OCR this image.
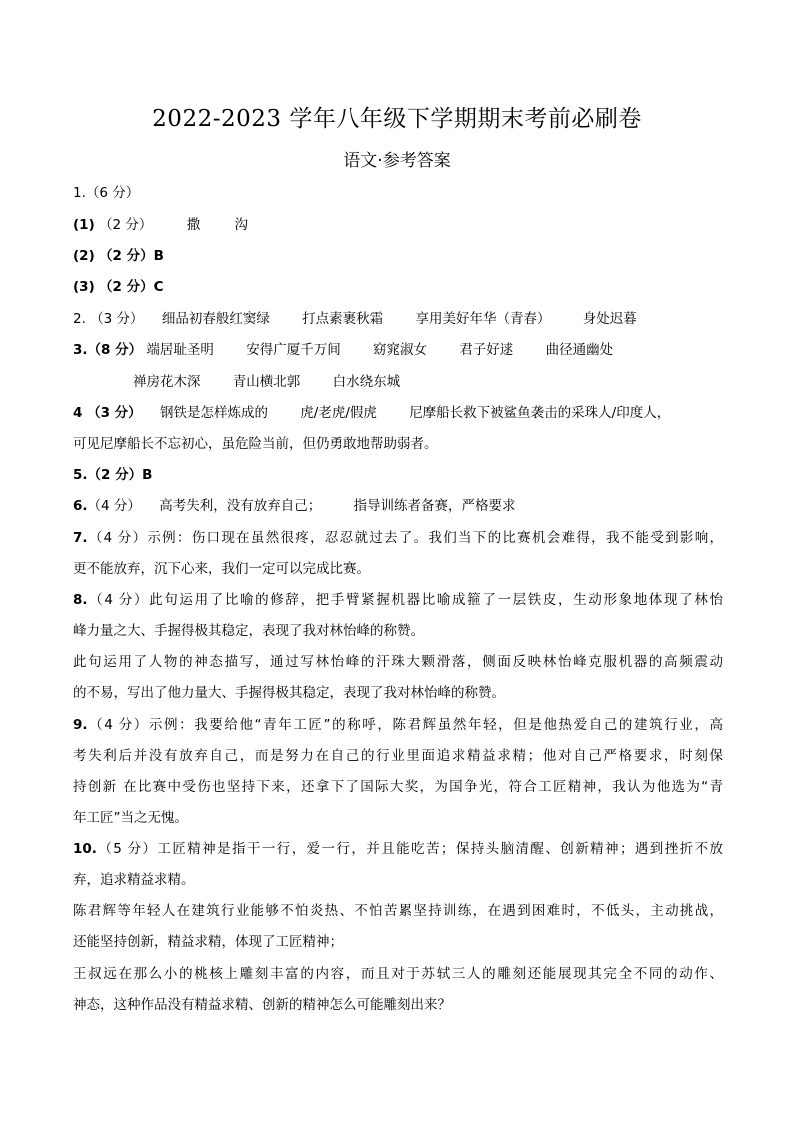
2022-2023 学年八年级下学期期末考前必刷卷
语文·参考答案
1.（6 分）
(1) （2 分）	撒	沟
(2) （2 分）B
(3) （2 分）C
2. （3 分） 细品初春般红窦绿 打点素裹秋霜 享用美好年华（青春） 身处迟暮
3.（8 分） 端居耻圣明 安得广厦千万间 窈窕淑女 君子好逑 曲径通幽处
禅房花木深 青山横北郭 白水绕东城
4 （3 分） 钢铁是怎样炼成的 虎/老虎/假虎 尼摩船长救下被鲨鱼袭击的采珠人/印度人，
可见尼摩船长不忘初心，虽危险当前，但仍勇敢地帮助弱者。
5.（2 分）B
6.（4 分） 高考失利，没有放弃自己； 指导训练者备赛，严格要求
7.（4 分）示例：伤口现在虽然很疼，忍忍就过去了。我们当下的比赛机会难得，我不能受到影响，
更不能放弃，沉下心来，我们一定可以完成比赛。
8.（4 分）此句运用了比喻的修辞，把手臂紧握机器比喻成箍了一层铁皮，生动形象地体现了林怡
峰力量之大、手握得极其稳定，表现了我对林怡峰的称赞。
此句运用了人物的神态描写，通过写林怡峰的汗珠大颗滑落，侧面反映林怡峰克服机器的高频震动
的不易，写出了他力量大、手握得极其稳定，表现了我对林怡峰的称赞。
9.（4 分）示例：我要给他“青年工匠”的称呼，陈君辉虽然年轻，但是他热爱自己的建筑行业，高
考失利后并没有放弃自己，而是努力在自己的行业里面追求精益求精；他对自己严格要求，时刻保
持创新 在比赛中受伤也坚持下来，还拿下了国际大奖，为国争光，符合工匠精神，我认为他选为“青
年工匠”当之无愧。
10.（5 分）工匠精神是指干一行，爱一行，并且能吃苦；保持头脑清醒、创新精神；遇到挫折不放
弃，追求精益求精。
陈君辉等年轻人在建筑行业能够不怕炎热、不怕苦累坚持训练，在遇到困难时，不低头，主动挑战，
还能坚持创新，精益求精，体现了工匠精神；
王叔远在那么小的桃核上雕刻丰富的内容，而且对于苏轼三人的雕刻还能展现其完全不同的动作、
神态，这种作品没有精益求精、创新的精神怎么可能雕刻出来？
